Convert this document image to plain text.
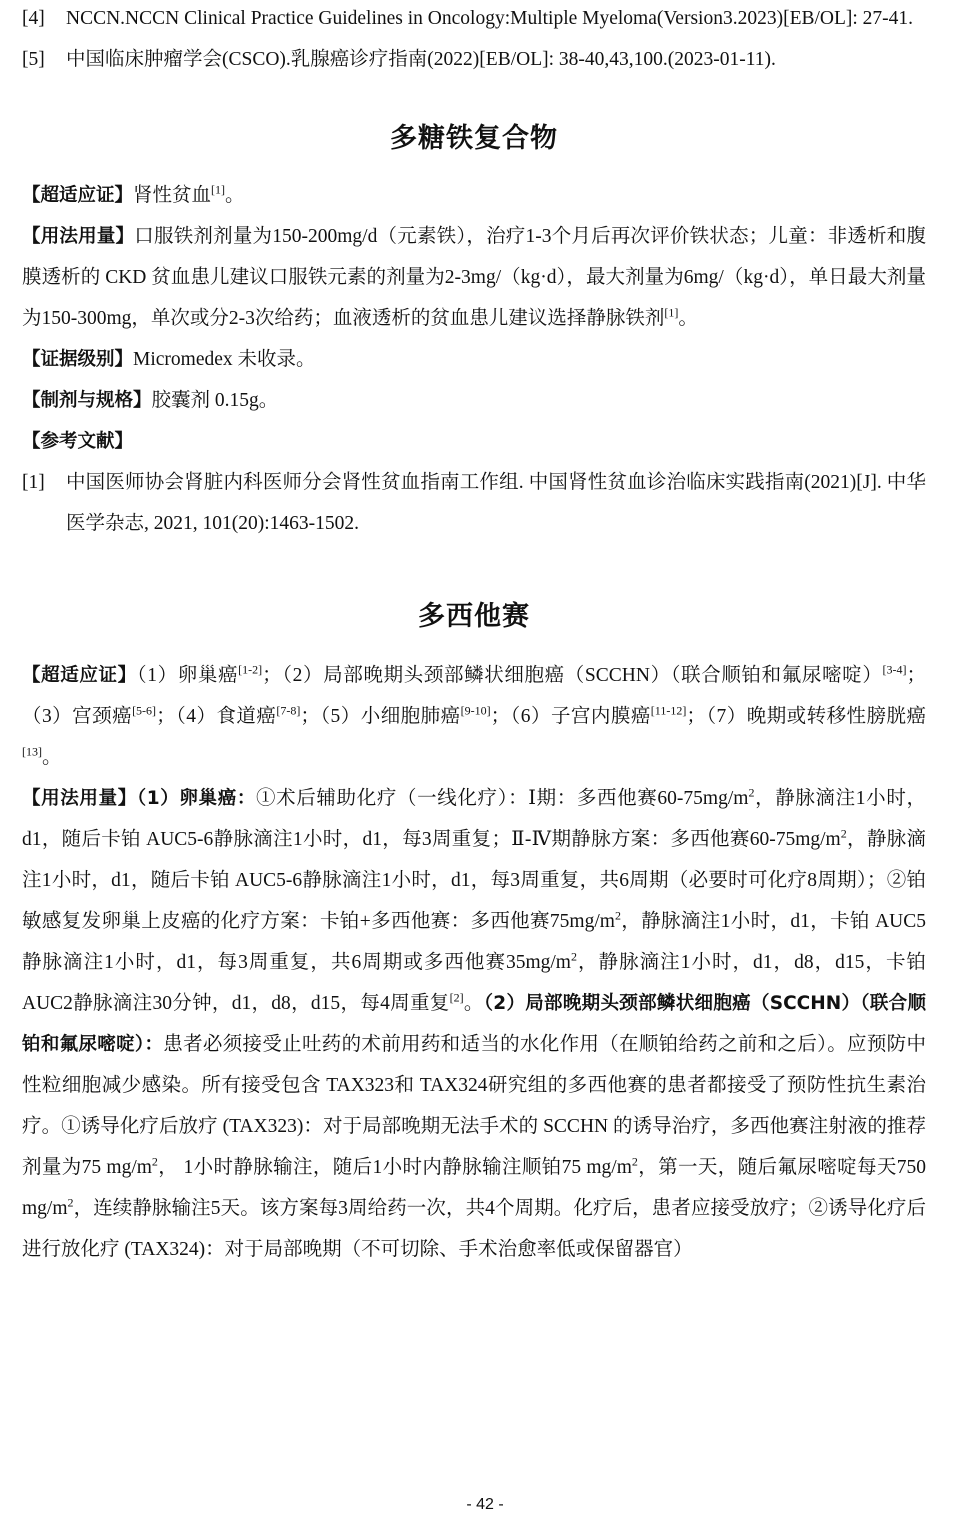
[4] NCCN.NCCN Clinical Practice Guidelines in Oncology:Multiple Myeloma(Version3.2023)[EB/OL]: 27-41.
[5] 中国临床肿瘤学会(CSCO).乳腺癌诊疗指南(2022)[EB/OL]: 38-40,43,100.(2023-01-11).
多糖铁复合物

【超适应证】肾性贫血[1]。

【用法用量】口服铁剂剂量为150-200mg/d（元素铁），治疗1-3个月后再次评价铁状态；儿童：非透析和腹膜透析的 CKD 贫血患儿建议口服铁元素的剂量为2-3mg/（kg·d），最大剂量为6mg/（kg·d），单日最大剂量为150-300mg，单次或分2-3次给药；血液透析的贫血患儿建议选择静脉铁剂[1]。

【证据级别】Micromedex 未收录。

【制剂与规格】胶囊剂 0.15g。

【参考文献】

[1] 中国医师协会肾脏内科医师分会肾性贫血指南工作组. 中国肾性贫血诊治临床实践指南(2021)[J]. 中华医学杂志, 2021, 101(20):1463-1502.
多西他赛

【超适应证】（1）卵巢癌[1-2]；（2）局部晚期头颈部鳞状细胞癌（SCCHN）（联合顺铂和氟尿嘧啶）[3-4]；（3）宫颈癌[5-6]；（4）食道癌[7-8]；（5）小细胞肺癌[9-10]；（6）子宫内膜癌[11-12]；（7）晚期或转移性膀胱癌[13]。

【用法用量】（1）卵巢癌：①术后辅助化疗（一线化疗）：Ⅰ期：多西他赛$60-75mg/m^2$，静脉滴注1小时，d1，随后卡铂 AUC5-6静脉滴注1小时，d1，每3周重复；Ⅱ-Ⅳ期静脉方案：多西他赛$60-75mg/m^2$，静脉滴注1小时，d1，随后卡铂 AUC5-6静脉滴注1小时，d1，每3周重复，共6周期（必要时可化疗8周期）；②铂敏感复发卵巢上皮癌的化疗方案：卡铂+多西他赛：多西他赛$75mg/m^2$，静脉滴注1小时，d1，卡铂 AUC5静脉滴注1小时，d1，每3周重复，共6周期或多西他赛$35mg/m^2$，静脉滴注1小时，d1，d8，d15，卡铂 AUC2静脉滴注30分钟，d1，d8，d15，每4周重复[2]。（2）局部晚期头颈部鳞状细胞癌（SCCHN）（联合顺铂和氟尿嘧啶）：患者必须接受止吐药的术前用药和适当的水化作用（在顺铂给药之前和之后）。应预防中性粒细胞减少感染。所有接受包含 TAX323和 TAX324研究组的多西他赛的患者都接受了预防性抗生素治疗。①诱导化疗后放疗 (TAX323)：对于局部晚期无法手术的 SCCHN 的诱导治疗，多西他赛注射液的推荐剂量为75 $mg/m^2$， 1小时静脉输注，随后1小时内静脉输注顺铂75 $mg/m^2$，第一天，随后氟尿嘧啶每天750 $mg/m^2$，连续静脉输注5天。该方案每3周给药一次，共4个周期。化疗后，患者应接受放疗；②诱导化疗后进行放化疗 (TAX324)：对于局部晚期（不可切除、手术治愈率低或保留器官）

- 42 -
